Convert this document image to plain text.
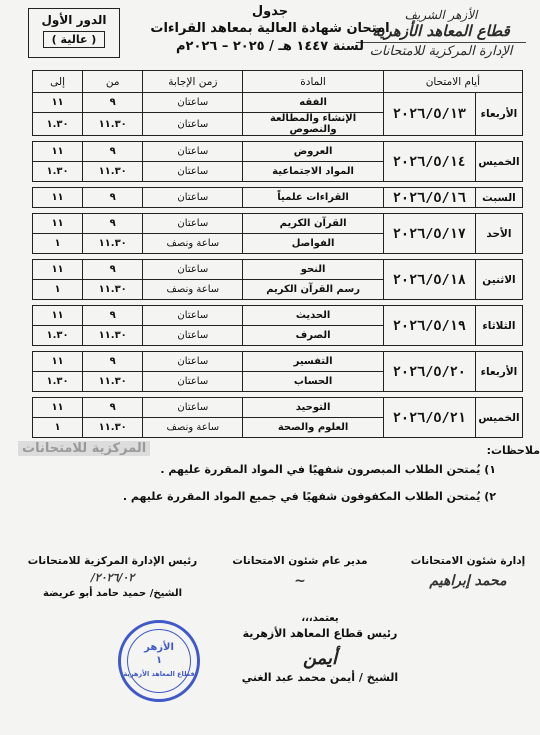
الأزهر الشريف
قطاع المعاهد الأزهرية
الإدارة المركزية للامتحانات
جدول
امتحان شهادة العالية بمعاهد القراءات
لسنة ١٤٤٧ هـ / ٢٠٢٥ – ٢٠٢٦م
الدور الأول
( عالية )
أيام الامتحان		المادة	زمن الإجابة	من	إلى
الأربعاء	٢٠٢٦/٥/١٣	الفقه	ساعتان	٩	١١
		الإنشاء والمطالعة والنصوص	ساعتان	١١.٣٠	١.٣٠

الخميس	٢٠٢٦/٥/١٤	العروض	ساعتان	٩	١١
		المواد الاجتماعية	ساعتان	١١.٣٠	١.٣٠

السبت	٢٠٢٦/٥/١٦	القراءات علمياً	ساعتان	٩	١١

الأحد	٢٠٢٦/٥/١٧	القرآن الكريم	ساعتان	٩	١١
		الفواصل	ساعة ونصف	١١.٣٠	١

الاثنين	٢٠٢٦/٥/١٨	النحو	ساعتان	٩	١١
		رسم القرآن الكريم	ساعة ونصف	١١.٣٠	١

الثلاثاء	٢٠٢٦/٥/١٩	الحديث	ساعتان	٩	١١
		الصرف	ساعتان	١١.٣٠	١.٣٠

الأربعاء	٢٠٢٦/٥/٢٠	التفسير	ساعتان	٩	١١
		الحساب	ساعتان	١١.٣٠	١.٣٠

الخميس	٢٠٢٦/٥/٢١	التوحيد	ساعتان	٩	١١
		العلوم والصحة	ساعة ونصف	١١.٣٠	١
المركزية للامتحانات	ملاحظات:
١) يُمتحن الطلاب المبصرون شفهيًا في المواد المقررة عليهم .
٢) يُمتحن الطلاب المكفوفون شفهيًا في جميع المواد المقررة عليهم .
إدارة شئون الامتحانات
محمد إبراهيم
مدير عام شئون الامتحانات
~
رئيس الإدارة المركزية للامتحانات
٢٠٢٦/٠٢/
الشيخ/ حميد حامد أبو عريضة
الأزهر
١
قطاع المعاهد الأزهرية
يعتمد،،،
رئيس قطاع المعاهد الأزهرية
أيمن
الشيخ / أيمن محمد عبد الغني
